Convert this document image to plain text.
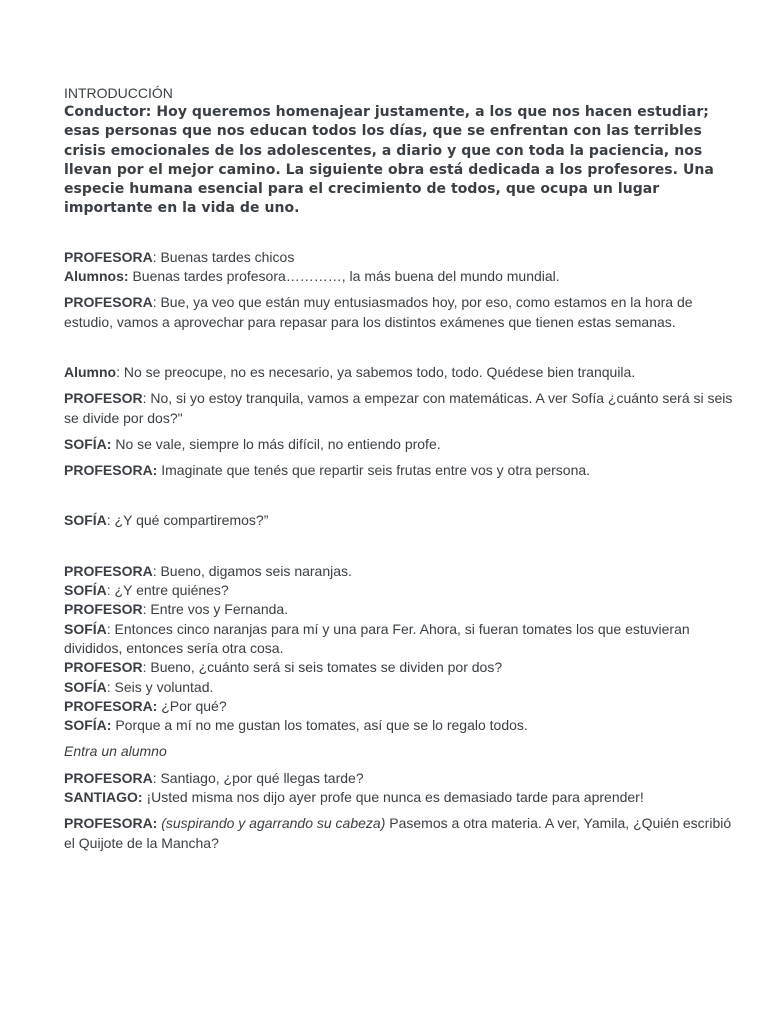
INTRODUCCIÓN

Conductor: Hoy queremos homenajear justamente, a los que nos hacen estudiar; esas personas que nos educan todos los días, que se enfrentan con las terribles crisis emocionales de los adolescentes, a diario y que con toda la paciencia, nos llevan por el mejor camino. La siguiente obra está dedicada a los profesores. Una especie humana esencial para el crecimiento de todos, que ocupa un lugar importante en la vida de uno.

PROFESORA: Buenas tardes chicos

Alumnos: Buenas tardes profesora…………, la más buena del mundo mundial.

PROFESORA: Bue, ya veo que están muy entusiasmados hoy, por eso, como estamos en la hora de estudio, vamos a aprovechar para repasar para los distintos exámenes que tienen estas semanas.

Alumno: No se preocupe, no es necesario, ya sabemos todo, todo. Quédese bien tranquila.

PROFESOR: No, si yo estoy tranquila, vamos a empezar con matemáticas. A ver Sofía ¿cuánto será si seis se divide por dos?"

SOFÍA: No se vale, siempre lo más difícil, no entiendo profe.

PROFESORA: Imaginate que tenés que repartir seis frutas entre vos y otra persona.

SOFÍA: ¿Y qué compartiremos?”

PROFESORA: Bueno, digamos seis naranjas.

SOFÍA: ¿Y entre quiénes?

PROFESOR: Entre vos y Fernanda.

SOFÍA: Entonces cinco naranjas para mí y una para Fer. Ahora, si fueran tomates los que estuvieran divididos, entonces sería otra cosa.

PROFESOR: Bueno, ¿cuánto será si seis tomates se dividen por dos?

SOFÍA: Seis y voluntad.

PROFESORA: ¿Por qué?

SOFÍA: Porque a mí no me gustan los tomates, así que se lo regalo todos.

Entra un alumno

PROFESORA: Santiago, ¿por qué llegas tarde?

SANTIAGO: ¡Usted misma nos dijo ayer profe que nunca es demasiado tarde para aprender!

PROFESORA: (suspirando y agarrando su cabeza) Pasemos a otra materia. A ver, Yamila, ¿Quién escribió el Quijote de la Mancha?
